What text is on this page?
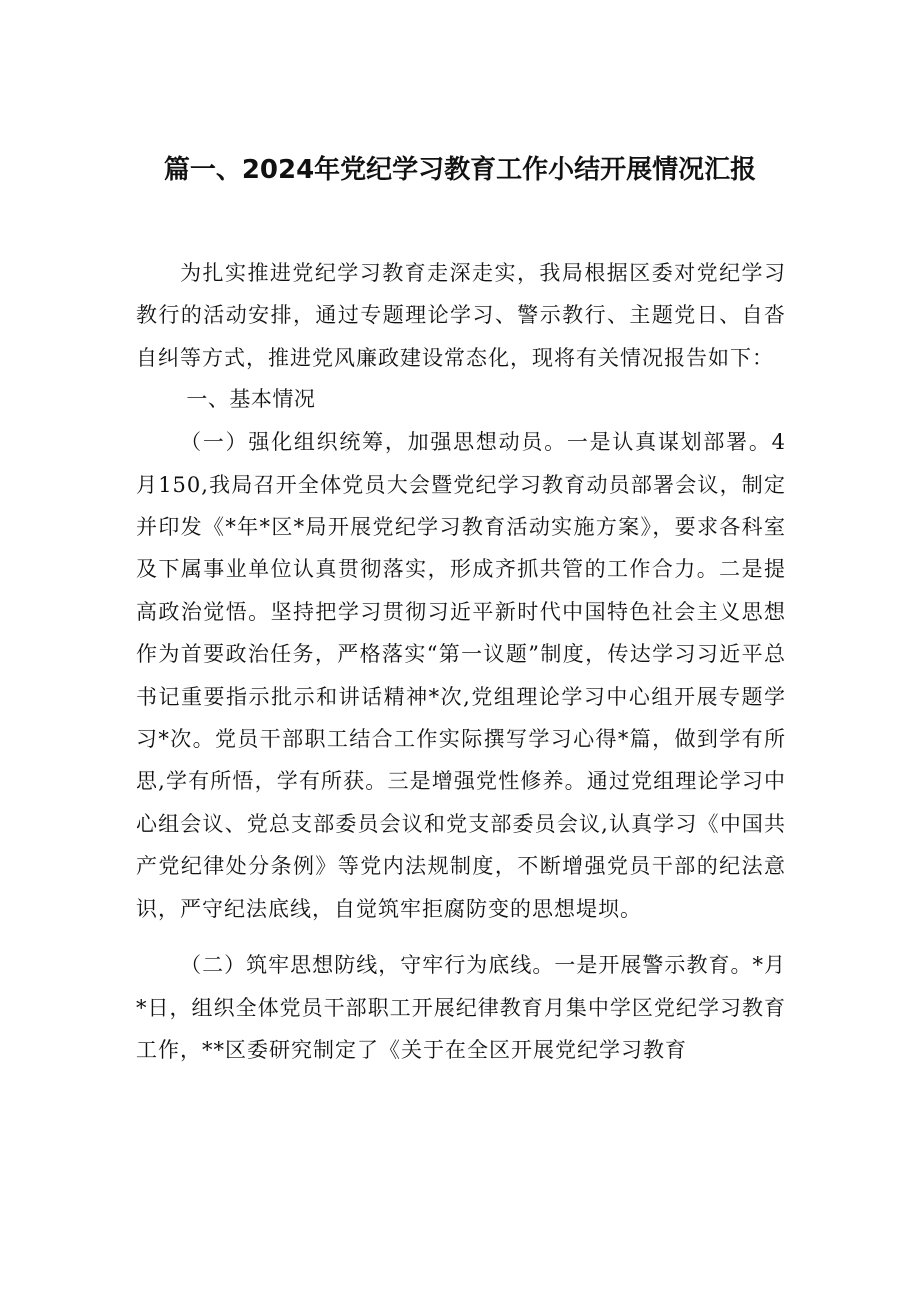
篇一、2024年党纪学习教育工作小结开展情况汇报

为扎实推进党纪学习教育走深走实，我局根据区委对党纪学习教行的活动安排，通过专题理论学习、警示教行、主题党日、自沓自纠等方式，推进党风廉政建设常态化，现将有关情况报告如下：

一、基本情况

（一）强化组织统筹，加强思想动员。一是认真谋划部署。4月150,我局召开全体党员大会暨党纪学习教育动员部署会议，制定并印发《*年*区*局开展党纪学习教育活动实施方案》，要求各科室及下属事业单位认真贯彻落实，形成齐抓共管的工作合力。二是提高政治觉悟。坚持把学习贯彻习近平新时代中国特色社会主义思想作为首要政治任务，严格落实“第一议题”制度，传达学习习近平总书记重要指示批示和讲话精神*次,党组理论学习中心组开展专题学习*次。党员干部职工结合工作实际撰写学习心得*篇，做到学有所思,学有所悟，学有所获。三是增强党性修养。通过党组理论学习中心组会议、党总支部委员会议和党支部委员会议,认真学习《中国共产党纪律处分条例》等党内法规制度，不断增强党员干部的纪法意识，严守纪法底线，自觉筑牢拒腐防变的思想堤坝。

（二）筑牢思想防线，守牢行为底线。一是开展警示教育。*月*日，组织全体党员干部职工开展纪律教育月集中学区党纪学习教育工作，**区委研究制定了《关于在全区开展党纪学习教育
